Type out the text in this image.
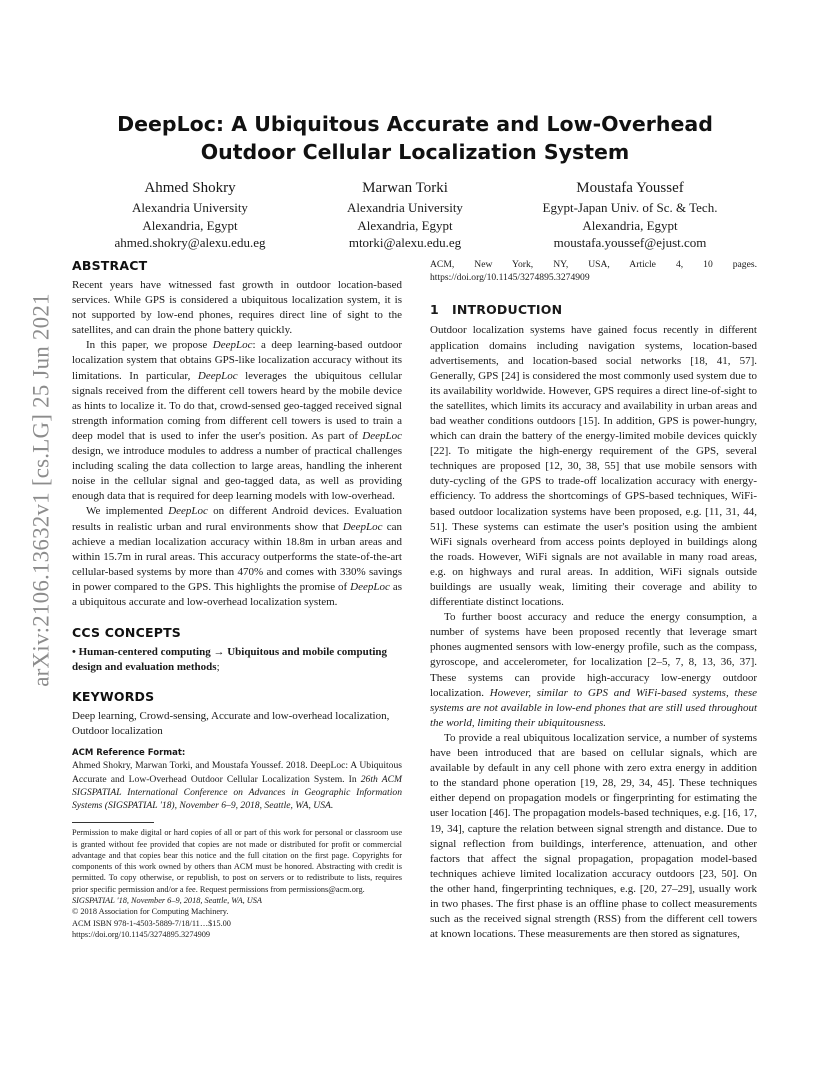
arXiv:2106.13632v1 [cs.LG] 25 Jun 2021
DeepLoc: A Ubiquitous Accurate and Low-Overhead Outdoor Cellular Localization System
Ahmed Shokry
Alexandria University
Alexandria, Egypt
ahmed.shokry@alexu.edu.eg
Marwan Torki
Alexandria University
Alexandria, Egypt
mtorki@alexu.edu.eg
Moustafa Youssef
Egypt-Japan Univ. of Sc. & Tech.
Alexandria, Egypt
moustafa.youssef@ejust.com
ABSTRACT

Recent years have witnessed fast growth in outdoor location-based services. While GPS is considered a ubiquitous localization system, it is not supported by low-end phones, requires direct line of sight to the satellites, and can drain the phone battery quickly.

In this paper, we propose DeepLoc: a deep learning-based outdoor localization system that obtains GPS-like localization accuracy without its limitations. In particular, DeepLoc leverages the ubiquitous cellular signals received from the different cell towers heard by the mobile device as hints to localize it. To do that, crowd-sensed geo-tagged received signal strength information coming from different cell towers is used to train a deep model that is used to infer the user's position. As part of DeepLoc design, we introduce modules to address a number of practical challenges including scaling the data collection to large areas, handling the inherent noise in the cellular signal and geo-tagged data, as well as providing enough data that is required for deep learning models with low-overhead.

We implemented DeepLoc on different Android devices. Evaluation results in realistic urban and rural environments show that DeepLoc can achieve a median localization accuracy within 18.8m in urban areas and within 15.7m in rural areas. This accuracy outperforms the state-of-the-art cellular-based systems by more than 470% and comes with 330% savings in power compared to the GPS. This highlights the promise of DeepLoc as a ubiquitous accurate and low-overhead localization system.

CCS CONCEPTS

• Human-centered computing → Ubiquitous and mobile computing design and evaluation methods;

KEYWORDS

Deep learning, Crowd-sensing, Accurate and low-overhead localization, Outdoor localization

ACM Reference Format:

Ahmed Shokry, Marwan Torki, and Moustafa Youssef. 2018. DeepLoc: A Ubiquitous Accurate and Low-Overhead Outdoor Cellular Localization System. In 26th ACM SIGSPATIAL International Conference on Advances in Geographic Information Systems (SIGSPATIAL '18), November 6–9, 2018, Seattle, WA, USA.

Permission to make digital or hard copies of all or part of this work for personal or classroom use is granted without fee provided that copies are not made or distributed for profit or commercial advantage and that copies bear this notice and the full citation on the first page. Copyrights for components of this work owned by others than ACM must be honored. Abstracting with credit is permitted. To copy otherwise, or republish, to post on servers or to redistribute to lists, requires prior specific permission and/or a fee. Request permissions from permissions@acm.org.

SIGSPATIAL '18, November 6–9, 2018, Seattle, WA, USA

© 2018 Association for Computing Machinery.

ACM ISBN 978-1-4503-5889-7/18/11…$15.00

https://doi.org/10.1145/3274895.3274909

ACM, New York, NY, USA, Article 4, 10 pages. https://doi.org/10.1145/3274895.3274909

1 INTRODUCTION

Outdoor localization systems have gained focus recently in different application domains including navigation systems, location-based advertisements, and location-based social networks [18, 41, 57]. Generally, GPS [24] is considered the most commonly used system due to its availability worldwide. However, GPS requires a direct line-of-sight to the satellites, which limits its accuracy and availability in urban areas and bad weather conditions outdoors [15]. In addition, GPS is power-hungry, which can drain the battery of the energy-limited mobile devices quickly [22]. To mitigate the high-energy requirement of the GPS, several techniques are proposed [12, 30, 38, 55] that use mobile sensors with duty-cycling of the GPS to trade-off localization accuracy with energy-efficiency. To address the shortcomings of GPS-based techniques, WiFi-based outdoor localization systems have been proposed, e.g. [11, 31, 44, 51]. These systems can estimate the user's position using the ambient WiFi signals overheard from access points deployed in buildings along the roads. However, WiFi signals are not available in many road areas, e.g. on highways and rural areas. In addition, WiFi signals outside buildings are usually weak, limiting their coverage and ability to differentiate distinct locations.

To further boost accuracy and reduce the energy consumption, a number of systems have been proposed recently that leverage smart phones augmented sensors with low-energy profile, such as the compass, gyroscope, and accelerometer, for localization [2–5, 7, 8, 13, 36, 37]. These systems can provide high-accuracy low-energy outdoor localization. However, similar to GPS and WiFi-based systems, these systems are not available in low-end phones that are still used throughout the world, limiting their ubiquitousness.

To provide a real ubiquitous localization service, a number of systems have been introduced that are based on cellular signals, which are available by default in any cell phone with zero extra energy in addition to the standard phone operation [19, 28, 29, 34, 45]. These techniques either depend on propagation models or fingerprinting for estimating the user location [46]. The propagation models-based techniques, e.g. [16, 17, 19, 34], capture the relation between signal strength and distance. Due to signal reflection from buildings, interference, attenuation, and other factors that affect the signal propagation, propagation model-based techniques achieve limited localization accuracy outdoors [23, 50]. On the other hand, fingerprinting techniques, e.g. [20, 27–29], usually work in two phases. The first phase is an offline phase to collect measurements such as the received signal strength (RSS) from the different cell towers at known locations. These measurements are then stored as signatures,
